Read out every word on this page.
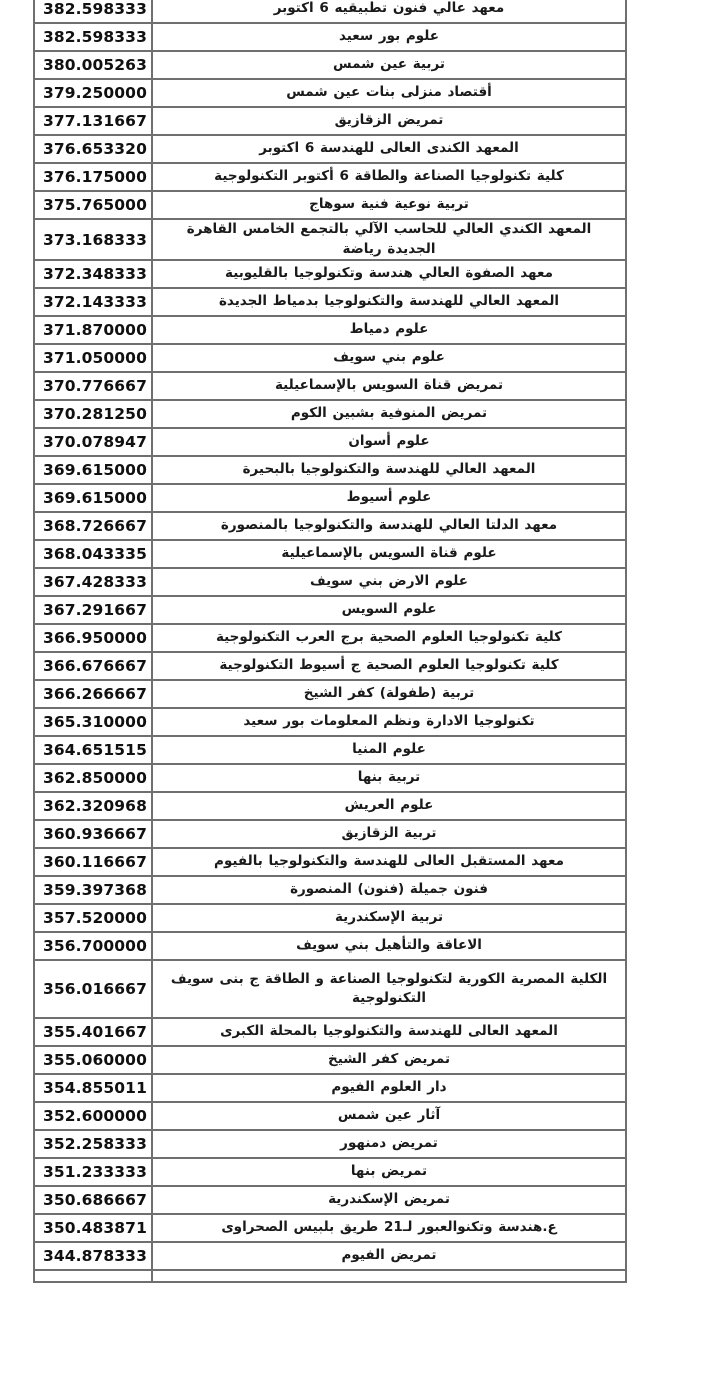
معهد عالي فنون تطبيقيه 6 اكتوبر	382.598333
علوم بور سعيد	382.598333
تربية عين شمس	380.005263
أقتصاد منزلى بنات عين شمس	379.250000
تمريض الزقازيق	377.131667
المعهد الكندى العالى للهندسة 6 اكتوبر	376.653320
كلية تكنولوجيا الصناعة والطاقة 6 أكتوبر التكنولوجية	376.175000
تربية نوعية فنية سوهاج	375.765000
المعهد الكندي العالي للحاسب الآلي بالتجمع الخامس القاهرة الجديدة رياضة	373.168333
معهد الصفوة العالي هندسة وتكنولوجيا بالقليوبية	372.348333
المعهد العالي للهندسة والتكنولوجيا بدمياط الجديدة	372.143333
علوم دمياط	371.870000
علوم بني سويف	371.050000
تمريض قناة السويس بالإسماعيلية	370.776667
تمريض المنوفية بشبين الكوم	370.281250
علوم أسوان	370.078947
المعهد العالي للهندسة والتكنولوجيا بالبحيرة	369.615000
علوم أسيوط	369.615000
معهد الدلتا العالي للهندسة والتكنولوجيا بالمنصورة	368.726667
علوم قناة السويس بالإسماعيلية	368.043335
علوم الارض بني سويف	367.428333
علوم السويس	367.291667
كلية تكنولوجيا العلوم الصحية برج العرب التكنولوجية	366.950000
كلية تكنولوجيا العلوم الصحية ج أسيوط التكنولوجية	366.676667
تربية (طفولة) كفر الشيخ	366.266667
تكنولوجيا الادارة ونظم المعلومات بور سعيد	365.310000
علوم المنيا	364.651515
تربية بنها	362.850000
علوم العريش	362.320968
تربية الزقازيق	360.936667
معهد المستقبل العالى للهندسة والتكنولوجيا بالفيوم	360.116667
فنون جميلة (فنون) المنصورة	359.397368
تربية الإسكندرية	357.520000
الاعاقة والتأهيل بني سويف	356.700000
الكلية المصرية الكورية لتكنولوجيا الصناعة و الطاقة ج بنى سويف التكنولوجية	356.016667
المعهد العالى للهندسة والتكنولوجيا بالمحلة الكبرى	355.401667
تمريض كفر الشيخ	355.060000
دار العلوم الفيوم	354.855011
آثار عين شمس	352.600000
تمريض دمنهور	352.258333
تمريض بنها	351.233333
تمريض الإسكندرية	350.686667
ع.هندسة وتكنوالعبور لـ21 طريق بلبيس الصحراوى	350.483871
تمريض الفيوم	344.878333
